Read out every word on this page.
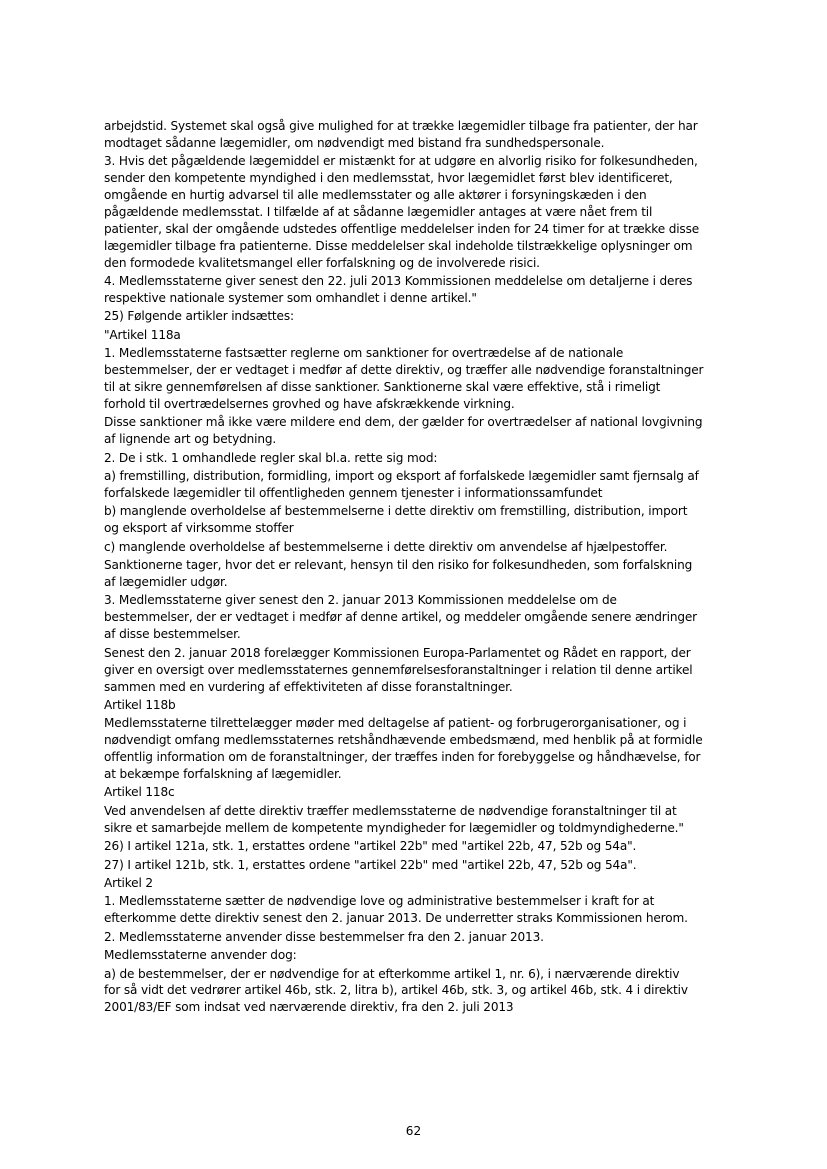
arbejdstid. Systemet skal også give mulighed for at trække lægemidler tilbage fra patienter, der har
modtaget sådanne lægemidler, om nødvendigt med bistand fra sundhedspersonale.

3. Hvis det pågældende lægemiddel er mistænkt for at udgøre en alvorlig risiko for folkesundheden,
sender den kompetente myndighed i den medlemsstat, hvor lægemidlet først blev identificeret,
omgående en hurtig advarsel til alle medlemsstater og alle aktører i forsyningskæden i den
pågældende medlemsstat. I tilfælde af at sådanne lægemidler antages at være nået frem til
patienter, skal der omgående udstedes offentlige meddelelser inden for 24 timer for at trække disse
lægemidler tilbage fra patienterne. Disse meddelelser skal indeholde tilstrækkelige oplysninger om
den formodede kvalitetsmangel eller forfalskning og de involverede risici.

4. Medlemsstaterne giver senest den 22. juli 2013 Kommissionen meddelelse om detaljerne i deres
respektive nationale systemer som omhandlet i denne artikel."

25) Følgende artikler indsættes:

"Artikel 118a

1. Medlemsstaterne fastsætter reglerne om sanktioner for overtrædelse af de nationale
bestemmelser, der er vedtaget i medfør af dette direktiv, og træffer alle nødvendige foranstaltninger
til at sikre gennemførelsen af disse sanktioner. Sanktionerne skal være effektive, stå i rimeligt
forhold til overtrædelsernes grovhed og have afskrækkende virkning.

Disse sanktioner må ikke være mildere end dem, der gælder for overtrædelser af national lovgivning
af lignende art og betydning.

2. De i stk. 1 omhandlede regler skal bl.a. rette sig mod:

a) fremstilling, distribution, formidling, import og eksport af forfalskede lægemidler samt fjernsalg af
forfalskede lægemidler til offentligheden gennem tjenester i informationssamfundet

b) manglende overholdelse af bestemmelserne i dette direktiv om fremstilling, distribution, import
og eksport af virksomme stoffer

c) manglende overholdelse af bestemmelserne i dette direktiv om anvendelse af hjælpestoffer.

Sanktionerne tager, hvor det er relevant, hensyn til den risiko for folkesundheden, som forfalskning
af lægemidler udgør.

3. Medlemsstaterne giver senest den 2. januar 2013 Kommissionen meddelelse om de
bestemmelser, der er vedtaget i medfør af denne artikel, og meddeler omgående senere ændringer
af disse bestemmelser.

Senest den 2. januar 2018 forelægger Kommissionen Europa-Parlamentet og Rådet en rapport, der
giver en oversigt over medlemsstaternes gennemførelsesforanstaltninger i relation til denne artikel
sammen med en vurdering af effektiviteten af disse foranstaltninger.

Artikel 118b

Medlemsstaterne tilrettelægger møder med deltagelse af patient- og forbrugerorganisationer, og i
nødvendigt omfang medlemsstaternes retshåndhævende embedsmænd, med henblik på at formidle
offentlig information om de foranstaltninger, der træffes inden for forebyggelse og håndhævelse, for
at bekæmpe forfalskning af lægemidler.

Artikel 118c

Ved anvendelsen af dette direktiv træffer medlemsstaterne de nødvendige foranstaltninger til at
sikre et samarbejde mellem de kompetente myndigheder for lægemidler og toldmyndighederne."

26) I artikel 121a, stk. 1, erstattes ordene "artikel 22b" med "artikel 22b, 47, 52b og 54a".

27) I artikel 121b, stk. 1, erstattes ordene "artikel 22b" med "artikel 22b, 47, 52b og 54a".

Artikel 2

1. Medlemsstaterne sætter de nødvendige love og administrative bestemmelser i kraft for at
efterkomme dette direktiv senest den 2. januar 2013. De underretter straks Kommissionen herom.

2. Medlemsstaterne anvender disse bestemmelser fra den 2. januar 2013.

Medlemsstaterne anvender dog:

a) de bestemmelser, der er nødvendige for at efterkomme artikel 1, nr. 6), i nærværende direktiv
for så vidt det vedrører artikel 46b, stk. 2, litra b), artikel 46b, stk. 3, og artikel 46b, stk. 4 i direktiv
2001/83/EF som indsat ved nærværende direktiv, fra den 2. juli 2013

62
